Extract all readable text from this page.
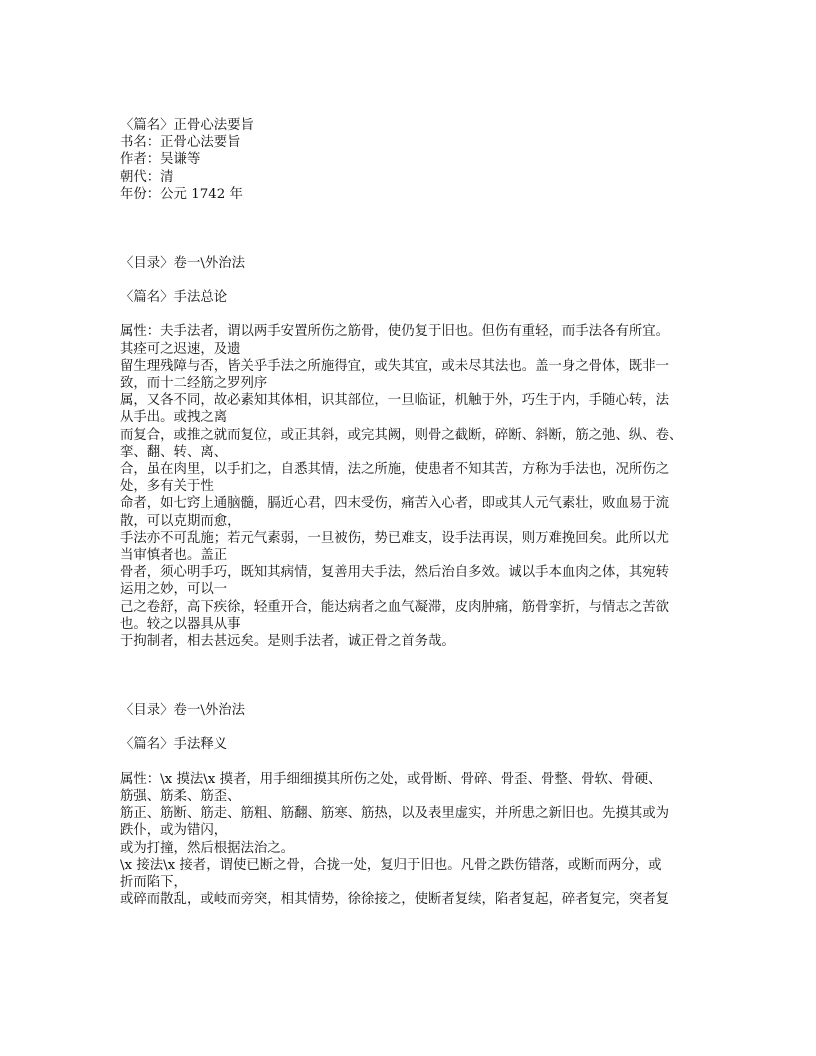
〈篇名〉正骨心法要旨
书名：正骨心法要旨
作者：吴谦等
朝代：清
年份：公元 1742 年
〈目录〉卷一\外治法
〈篇名〉手法总论
属性：夫手法者，谓以两手安置所伤之筋骨，使仍复于旧也。但伤有重轻，而手法各有所宜。
其痊可之迟速，及遗
留生理残障与否，皆关乎手法之所施得宜，或失其宜，或未尽其法也。盖一身之骨体，既非一
致，而十二经筋之罗列序
属，又各不同，故必素知其体相，识其部位，一旦临证，机触于外，巧生于内，手随心转，法
从手出。或拽之离
而复合，或推之就而复位，或正其斜，或完其阙，则骨之截断，碎断、斜断，筋之弛、纵、卷、
挛、翻、转、离、
合，虽在肉里，以手扪之，自悉其情，法之所施，使患者不知其苦，方称为手法也，况所伤之
处，多有关于性
命者，如七窍上通脑髓，膈近心君，四末受伤，痛苦入心者，即或其人元气素壮，败血易于流
散，可以克期而愈，
手法亦不可乱施；若元气素弱，一旦被伤，势已难支，设手法再误，则万难挽回矣。此所以尤
当审慎者也。盖正
骨者，须心明手巧，既知其病情，复善用夫手法，然后治自多效。诚以手本血肉之体，其宛转
运用之妙，可以一
己之卷舒，高下疾徐，轻重开合，能达病者之血气凝滞，皮肉肿痛，筋骨挛折，与情志之苦欲
也。较之以器具从事
于拘制者，相去甚远矣。是则手法者，诚正骨之首务哉。
〈目录〉卷一\外治法
〈篇名〉手法释义
属性：\x 摸法\x 摸者，用手细细摸其所伤之处，或骨断、骨碎、骨歪、骨整、骨软、骨硬、
筋强、筋柔、筋歪、
筋正、筋断、筋走、筋粗、筋翻、筋寒、筋热，以及表里虚实，并所患之新旧也。先摸其或为
跌仆，或为错闪，
或为打撞，然后根据法治之。
\x 接法\x 接者，谓使已断之骨，合拢一处，复归于旧也。凡骨之跌伤错落，或断而两分，或
折而陷下，
或碎而散乱，或岐而旁突，相其情势，徐徐接之，使断者复续，陷者复起，碎者复完，突者复
